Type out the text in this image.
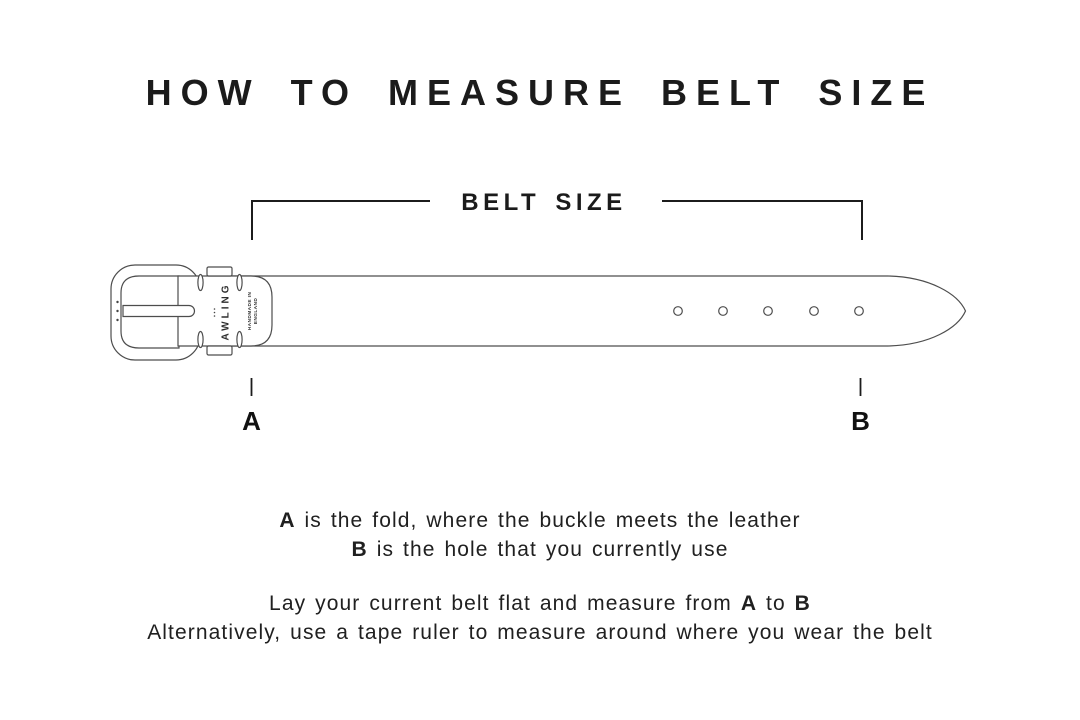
HOW TO MEASURE BELT SIZE
BELT SIZE
AWLING	HANDMADE IN ENGLAND
A	B

A is the fold, where the buckle meets the leather

B is the hole that you currently use

Lay your current belt flat and measure from A to B

Alternatively, use a tape ruler to measure around where you wear the belt
